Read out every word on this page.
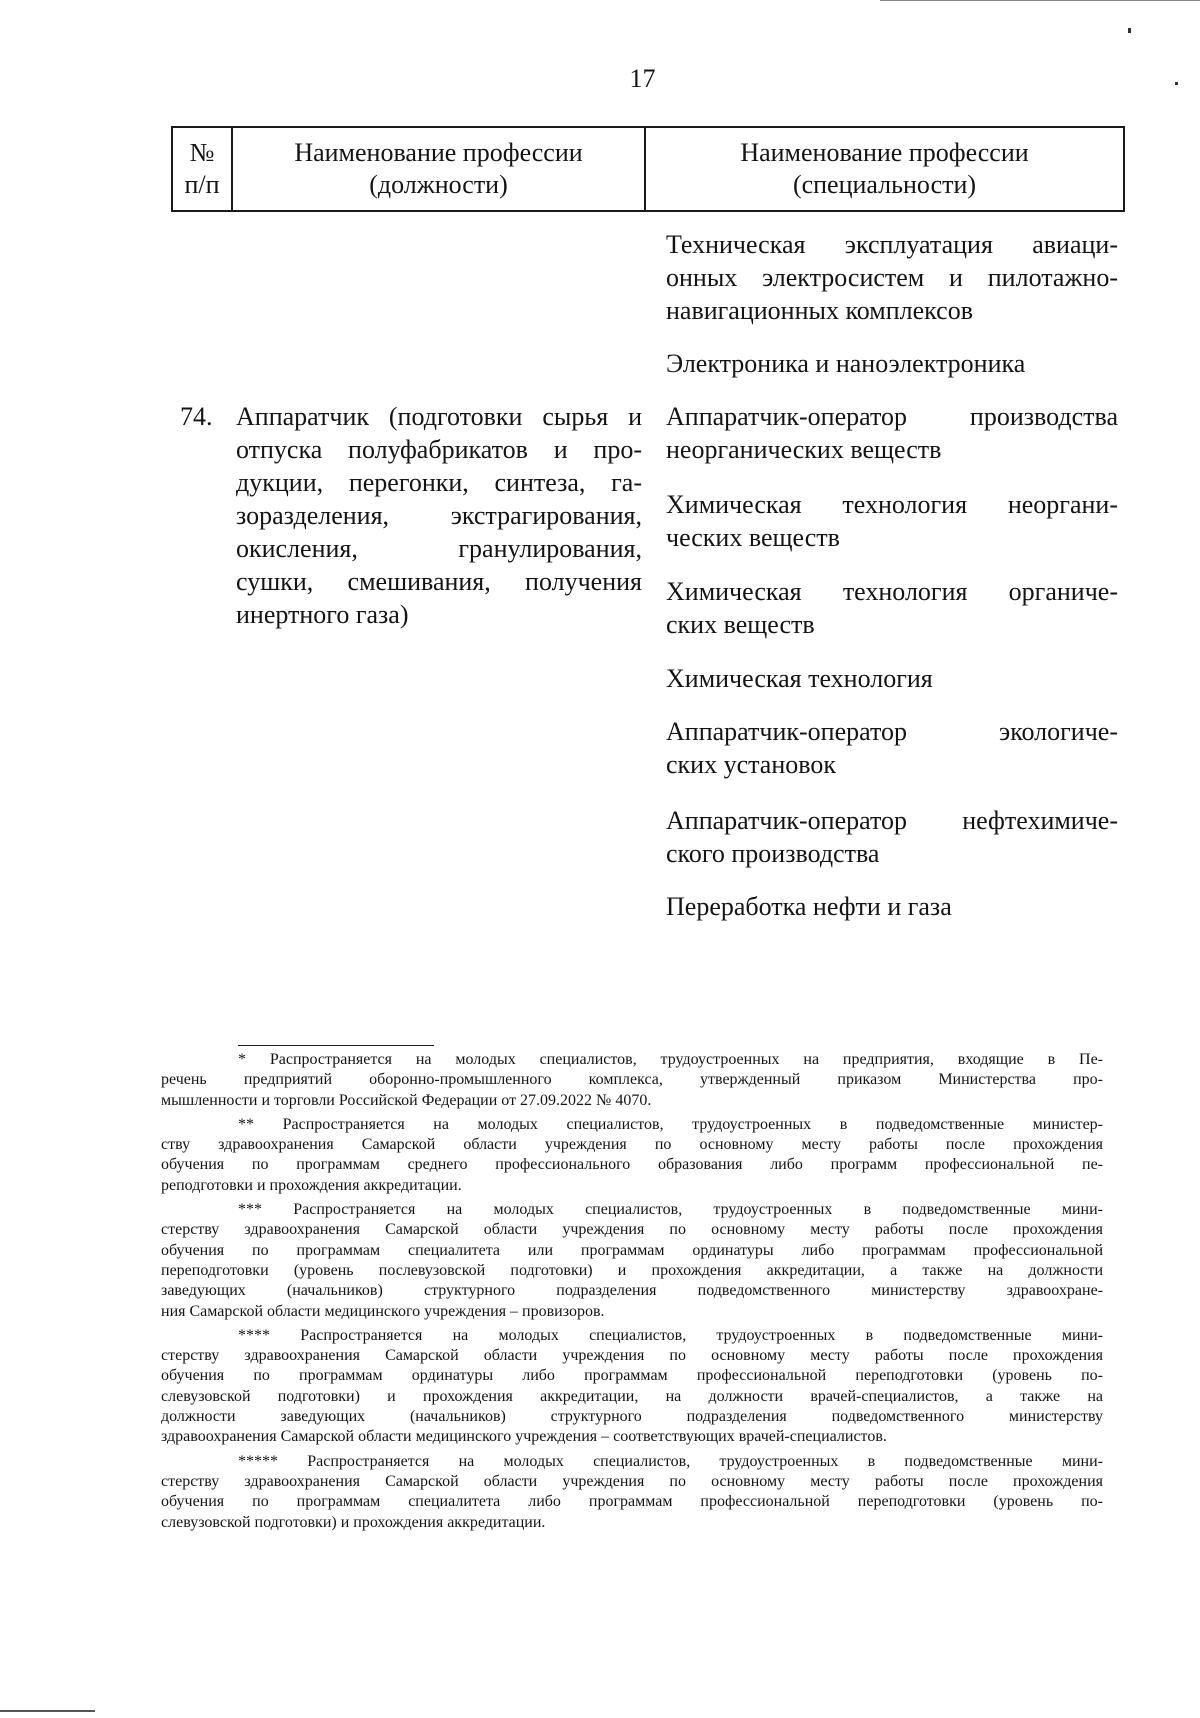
17
№
п/п
Наименование профессии
(должности)
Наименование профессии
(специальности)
Техническая эксплуатация авиаци-
онных электросистем и пилотажно-
навигационных комплексов
Электроника и наноэлектроника
74. Аппаратчик (подготовки сырья и
отпуска полуфабрикатов и про-
дукции, перегонки, синтеза, га-
зоразделения, экстрагирования,
окисления, гранулирования,
сушки, смешивания, получения
инертного газа)
Аппаратчик-оператор производства
неорганических веществ
Химическая технология неоргани-
ческих веществ
Химическая технология органиче-
ских веществ
Химическая технология
Аппаратчик-оператор экологиче-
ских установок
Аппаратчик-оператор нефтехимиче-
ского производства
Переработка нефти и газа
* Распространяется на молодых специалистов, трудоустроенных на предприятия, входящие в Пе-
речень предприятий оборонно-промышленного комплекса, утвержденный приказом Министерства про-
мышленности и торговли Российской Федерации от 27.09.2022 № 4070.
** Распространяется на молодых специалистов, трудоустроенных в подведомственные министер-
ству здравоохранения Самарской области учреждения по основному месту работы после прохождения
обучения по программам среднего профессионального образования либо программ профессиональной пе-
реподготовки и прохождения аккредитации.
*** Распространяется на молодых специалистов, трудоустроенных в подведомственные мини-
стерству здравоохранения Самарской области учреждения по основному месту работы после прохождения
обучения по программам специалитета или программам ординатуры либо программам профессиональной
переподготовки (уровень послевузовской подготовки) и прохождения аккредитации, а также на должности
заведующих (начальников) структурного подразделения подведомственного министерству здравоохране-
ния Самарской области медицинского учреждения – провизоров.
**** Распространяется на молодых специалистов, трудоустроенных в подведомственные мини-
стерству здравоохранения Самарской области учреждения по основному месту работы после прохождения
обучения по программам ординатуры либо программам профессиональной переподготовки (уровень по-
слевузовской подготовки) и прохождения аккредитации, на должности врачей-специалистов, а также на
должности заведующих (начальников) структурного подразделения подведомственного министерству
здравоохранения Самарской области медицинского учреждения – соответствующих врачей-специалистов.
***** Распространяется на молодых специалистов, трудоустроенных в подведомственные мини-
стерству здравоохранения Самарской области учреждения по основному месту работы после прохождения
обучения по программам специалитета либо программам профессиональной переподготовки (уровень по-
слевузовской подготовки) и прохождения аккредитации.
